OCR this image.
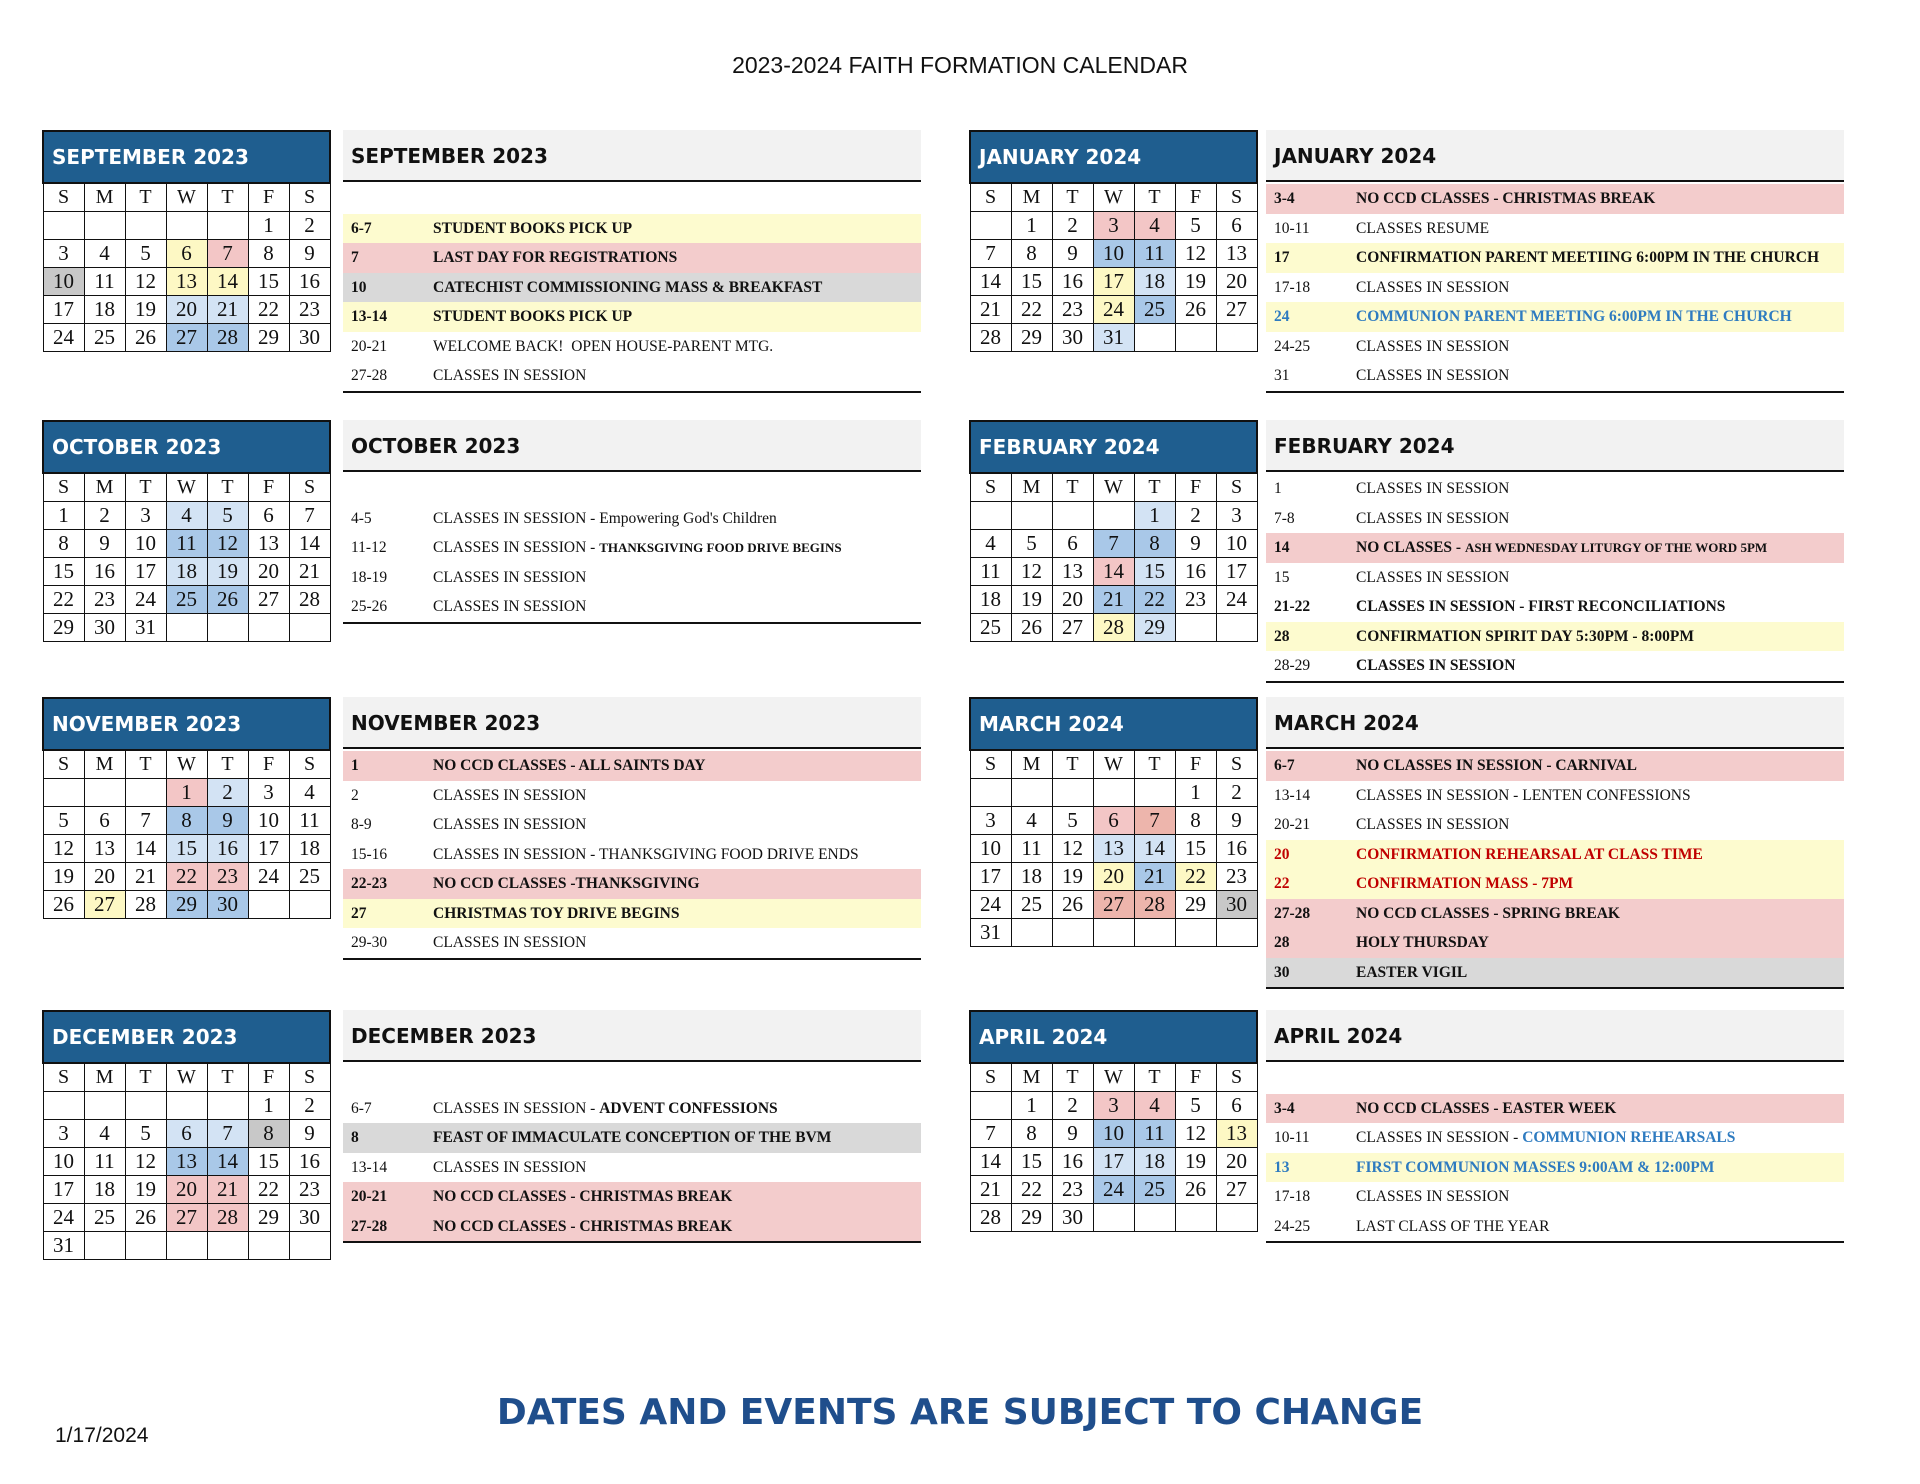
2023-2024 FAITH FORMATION CALENDAR
SEPTEMBER 2023						
S	M	T	W	T	F	S
					1	2
3	4	5	6	7	8	9
10	11	12	13	14	15	16
17	18	19	20	21	22	23
24	25	26	27	28	29	30
SEPTEMBER 2023
6-7	STUDENT BOOKS PICK UP
7	LAST DAY FOR REGISTRATIONS
10	CATECHIST COMMISSIONING MASS & BREAKFAST
13-14	STUDENT BOOKS PICK UP
20-21	WELCOME BACK!  OPEN HOUSE-PARENT MTG.
27-28	CLASSES IN SESSION
OCTOBER 2023						
S	M	T	W	T	F	S
1	2	3	4	5	6	7
8	9	10	11	12	13	14
15	16	17	18	19	20	21
22	23	24	25	26	27	28
29	30	31				
OCTOBER 2023
4-5	CLASSES IN SESSION - Empowering God's Children
11-12	CLASSES IN SESSION - THANKSGIVING FOOD DRIVE BEGINS
18-19	CLASSES IN SESSION
25-26	CLASSES IN SESSION
NOVEMBER 2023						
S	M	T	W	T	F	S
			1	2	3	4
5	6	7	8	9	10	11
12	13	14	15	16	17	18
19	20	21	22	23	24	25
26	27	28	29	30		
NOVEMBER 2023
1	NO CCD CLASSES - ALL SAINTS DAY
2	CLASSES IN SESSION
8-9	CLASSES IN SESSION
15-16	CLASSES IN SESSION - THANKSGIVING FOOD DRIVE ENDS
22-23	NO CCD CLASSES -THANKSGIVING
27	CHRISTMAS TOY DRIVE BEGINS
29-30	CLASSES IN SESSION
DECEMBER 2023						
S	M	T	W	T	F	S
					1	2
3	4	5	6	7	8	9
10	11	12	13	14	15	16
17	18	19	20	21	22	23
24	25	26	27	28	29	30
31						
DECEMBER 2023
6-7	CLASSES IN SESSION - ADVENT CONFESSIONS
8	FEAST OF IMMACULATE CONCEPTION OF THE BVM
13-14	CLASSES IN SESSION
20-21	NO CCD CLASSES - CHRISTMAS BREAK
27-28	NO CCD CLASSES - CHRISTMAS BREAK
JANUARY 2024						
S	M	T	W	T	F	S
	1	2	3	4	5	6
7	8	9	10	11	12	13
14	15	16	17	18	19	20
21	22	23	24	25	26	27
28	29	30	31			
JANUARY 2024
3-4	NO CCD CLASSES - CHRISTMAS BREAK
10-11	CLASSES RESUME
17	CONFIRMATION PARENT MEETIING 6:00PM IN THE CHURCH
17-18	CLASSES IN SESSION
24	COMMUNION PARENT MEETING 6:00PM IN THE CHURCH
24-25	CLASSES IN SESSION
31	CLASSES IN SESSION
FEBRUARY 2024						
S	M	T	W	T	F	S
				1	2	3
4	5	6	7	8	9	10
11	12	13	14	15	16	17
18	19	20	21	22	23	24
25	26	27	28	29		
FEBRUARY 2024
1	CLASSES IN SESSION
7-8	CLASSES IN SESSION
14	NO CLASSES - ASH WEDNESDAY LITURGY OF THE WORD 5PM
15	CLASSES IN SESSION
21-22	CLASSES IN SESSION - FIRST RECONCILIATIONS
28	CONFIRMATION SPIRIT DAY 5:30PM - 8:00PM
28-29	CLASSES IN SESSION
MARCH 2024						
S	M	T	W	T	F	S
					1	2
3	4	5	6	7	8	9
10	11	12	13	14	15	16
17	18	19	20	21	22	23
24	25	26	27	28	29	30
31						
MARCH 2024
6-7	NO CLASSES IN SESSION - CARNIVAL
13-14	CLASSES IN SESSION - LENTEN CONFESSIONS
20-21	CLASSES IN SESSION
20	CONFIRMATION REHEARSAL AT CLASS TIME
22	CONFIRMATION MASS - 7PM
27-28	NO CCD CLASSES - SPRING BREAK
28	HOLY THURSDAY
30	EASTER VIGIL
APRIL 2024						
S	M	T	W	T	F	S
	1	2	3	4	5	6
7	8	9	10	11	12	13
14	15	16	17	18	19	20
21	22	23	24	25	26	27
28	29	30				
APRIL 2024
3-4	NO CCD CLASSES - EASTER WEEK
10-11	CLASSES IN SESSION - COMMUNION REHEARSALS
13	FIRST COMMUNION MASSES 9:00AM & 12:00PM
17-18	CLASSES IN SESSION
24-25	LAST CLASS OF THE YEAR
DATES AND EVENTS ARE SUBJECT TO CHANGE
1/17/2024
